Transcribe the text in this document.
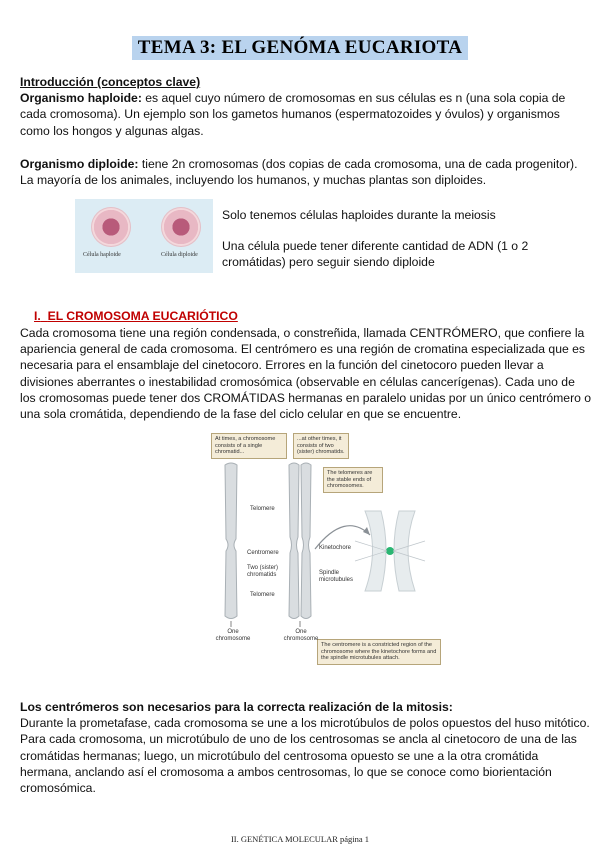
TEMA 3: EL GENÓMA EUCARIOTA
Introducción (conceptos clave)
Organismo haploide: es aquel cuyo número de cromosomas en sus células es n (una sola copia de cada cromosoma). Un ejemplo son los gametos humanos (espermatozoides y óvulos) y organismos como los hongos y algunas algas.
Organismo diploide: tiene 2n cromosomas (dos copias de cada cromosoma, una de cada progenitor). La mayoría de los animales, incluyendo los humanos, y muchas plantas son diploides.
Célula haploide	Célula diploide
Solo tenemos células haploides durante la meiosis
Una célula puede tener diferente cantidad de ADN (1 o 2 cromátidas) pero seguir siendo diploide
I. EL CROMOSOMA EUCARIÓTICO
Cada cromosoma tiene una región condensada, o constreñida, llamada CENTRÓMERO, que confiere la apariencia general de cada cromosoma. El centrómero es una región de cromatina especializada que es necesaria para el ensamblaje del cinetocoro. Errores en la función del cinetocoro pueden llevar a divisiones aberrantes o inestabilidad cromosómica (observable en células cancerígenas). Cada uno de los cromosomas puede tener dos CROMÁTIDAS hermanas en paralelo unidas por un único centrómero o una sola cromátida, dependiendo de la fase del ciclo celular en que se encuentre.
At times, a chromosome consists of a single chromatid...
...at other times, it consists of two (sister) chromatids.
The telomeres are the stable ends of chromosomes.
The centromere is a constricted region of the chromosome where the kinetochore forms and the spindle microtubules attach.
Telomere
Centromere
Two (sister) chromatids
Telomere
Kinetochore
Spindle microtubules
One chromosome
One chromosome
Los centrómeros son necesarios para la correcta realización de la mitosis:
Durante la prometafase, cada cromosoma se une a los microtúbulos de polos opuestos del huso mitótico. Para cada cromosoma, un microtúbulo de uno de los centrosomas se ancla al cinetocoro de una de las cromátidas hermanas; luego, un microtúbulo del centrosoma opuesto se une a la otra cromátida hermana, anclando así el cromosoma a ambos centrosomas, lo que se conoce como biorientación cromosómica.
II. GENÉTICA MOLECULAR página 1
